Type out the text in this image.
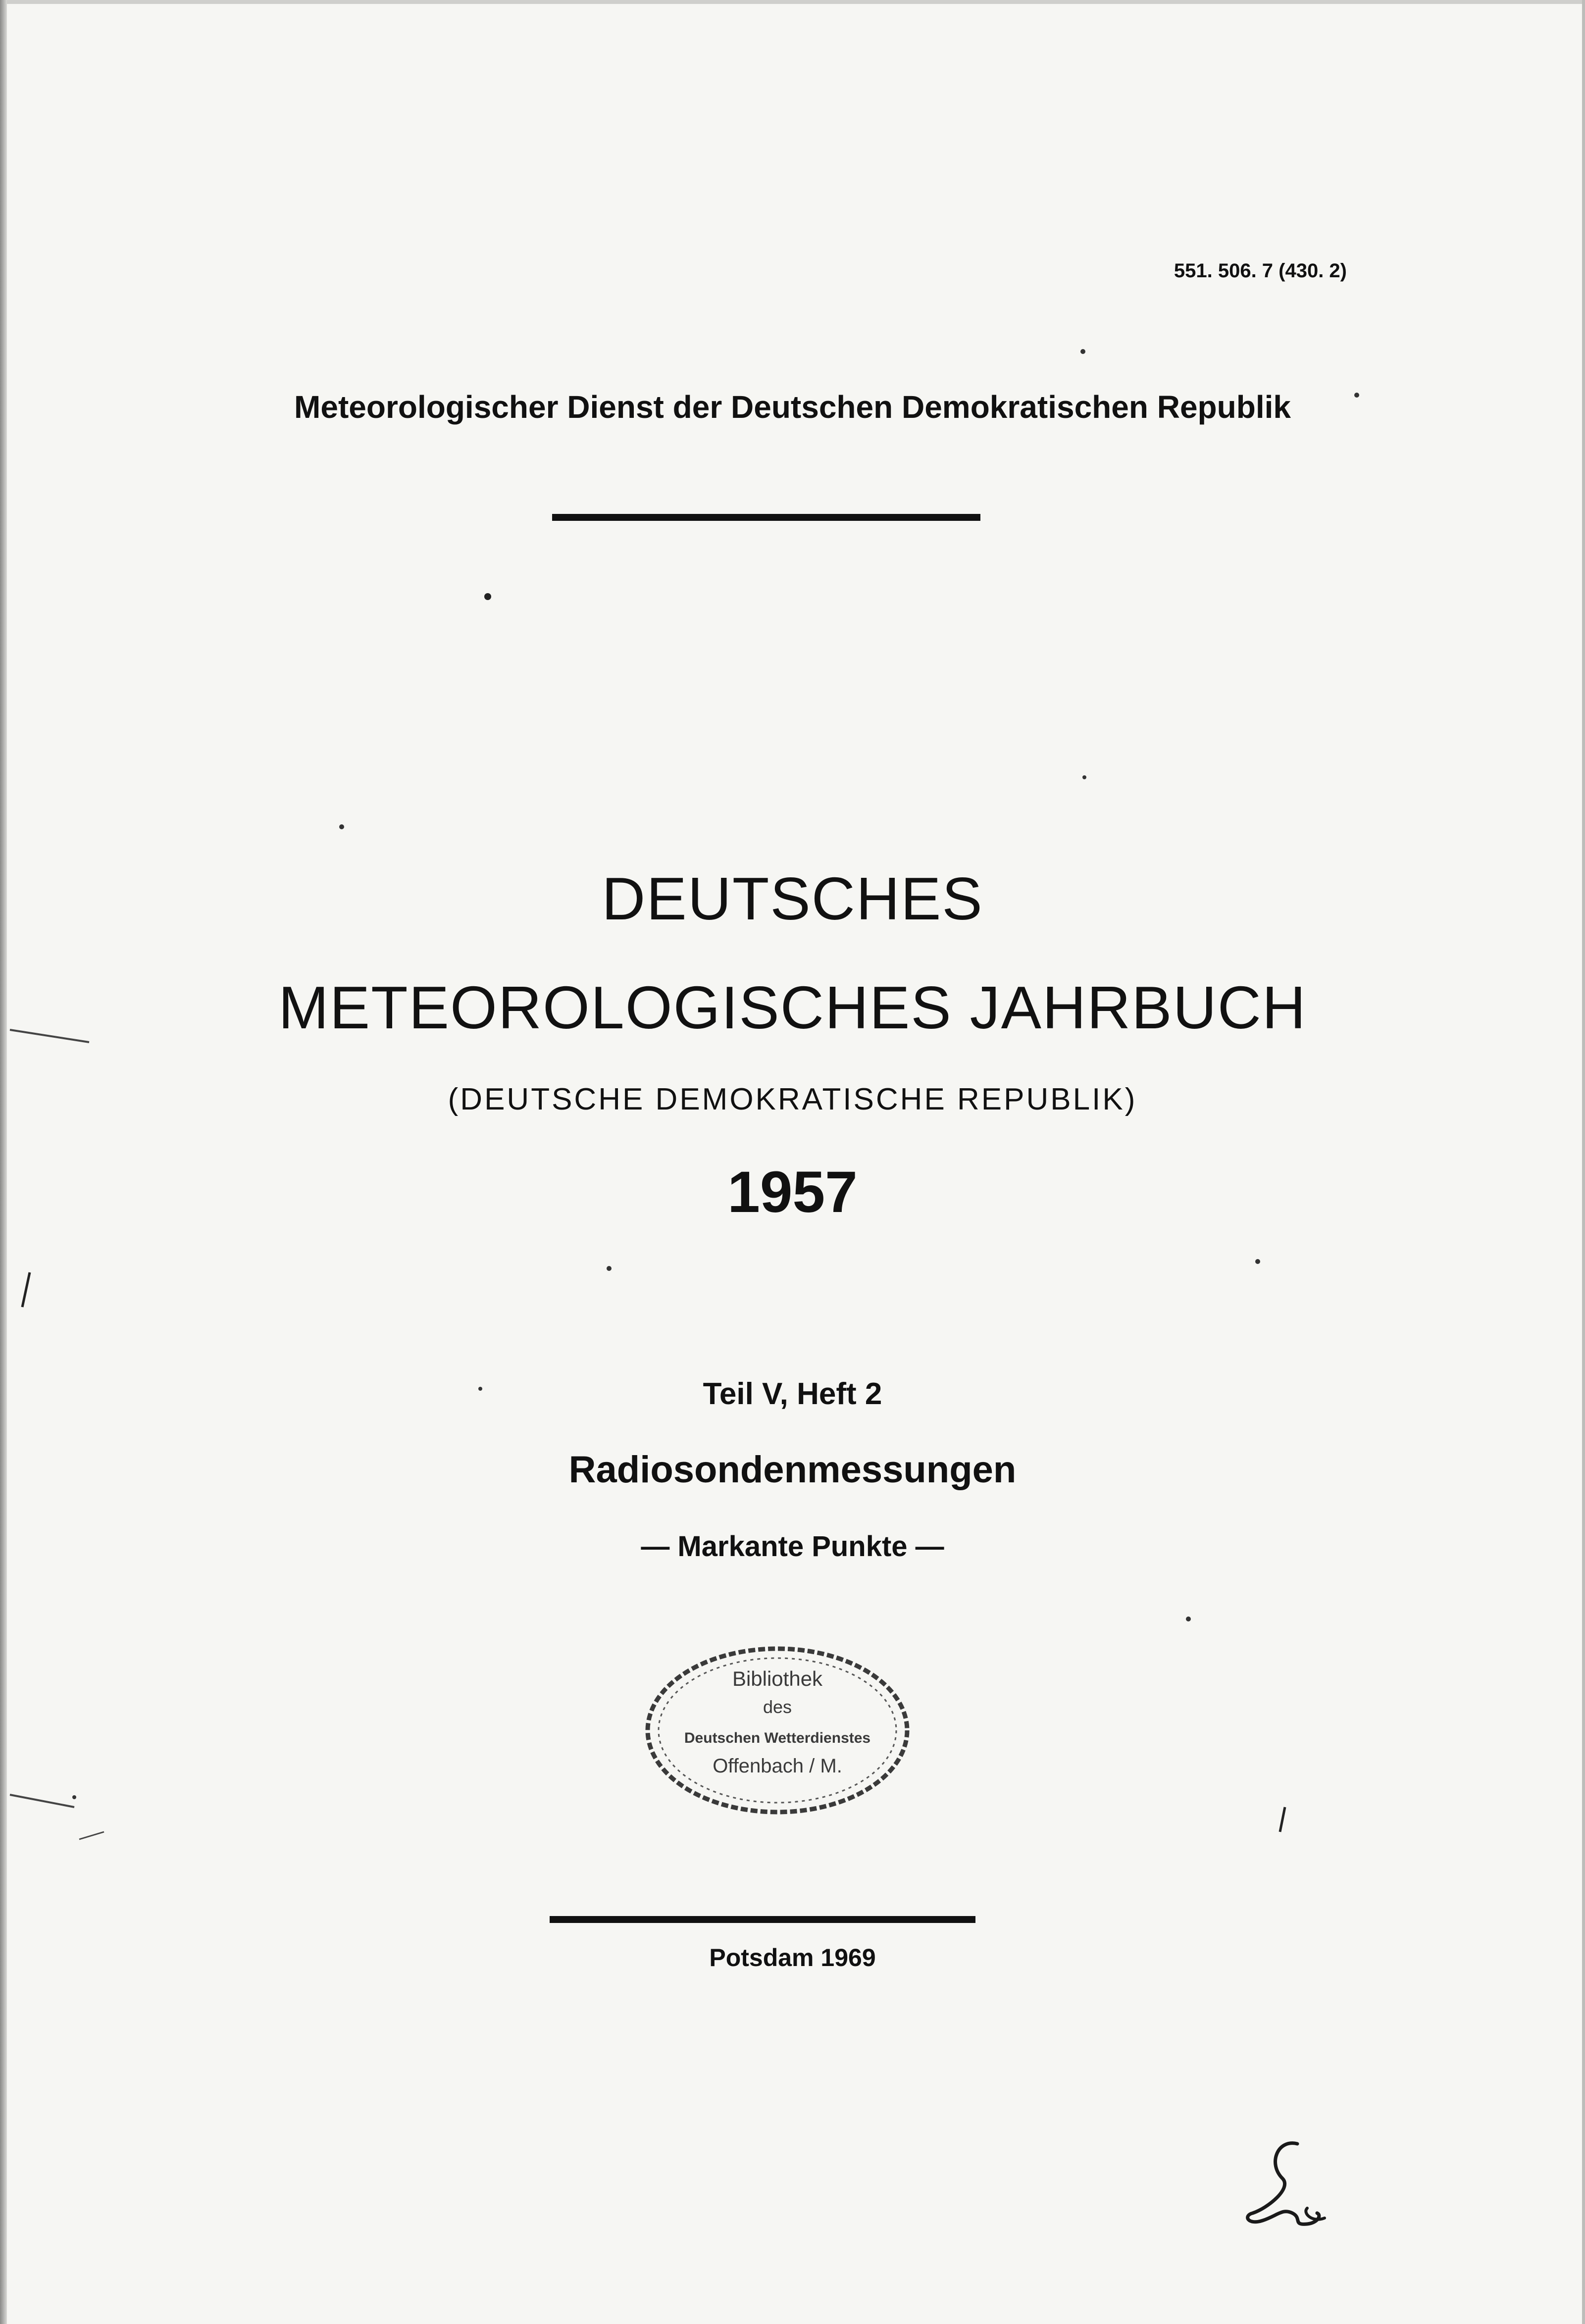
551. 506. 7 (430. 2)
Meteorologischer Dienst der Deutschen Demokratischen Republik
DEUTSCHES
METEOROLOGISCHES JAHRBUCH
(DEUTSCHE DEMOKRATISCHE REPUBLIK)
1957
Teil V, Heft 2
Radiosondenmessungen
— Markante Punkte —
Bibliothek
des
Deutschen Wetterdienstes
Offenbach / M.
Potsdam 1969
